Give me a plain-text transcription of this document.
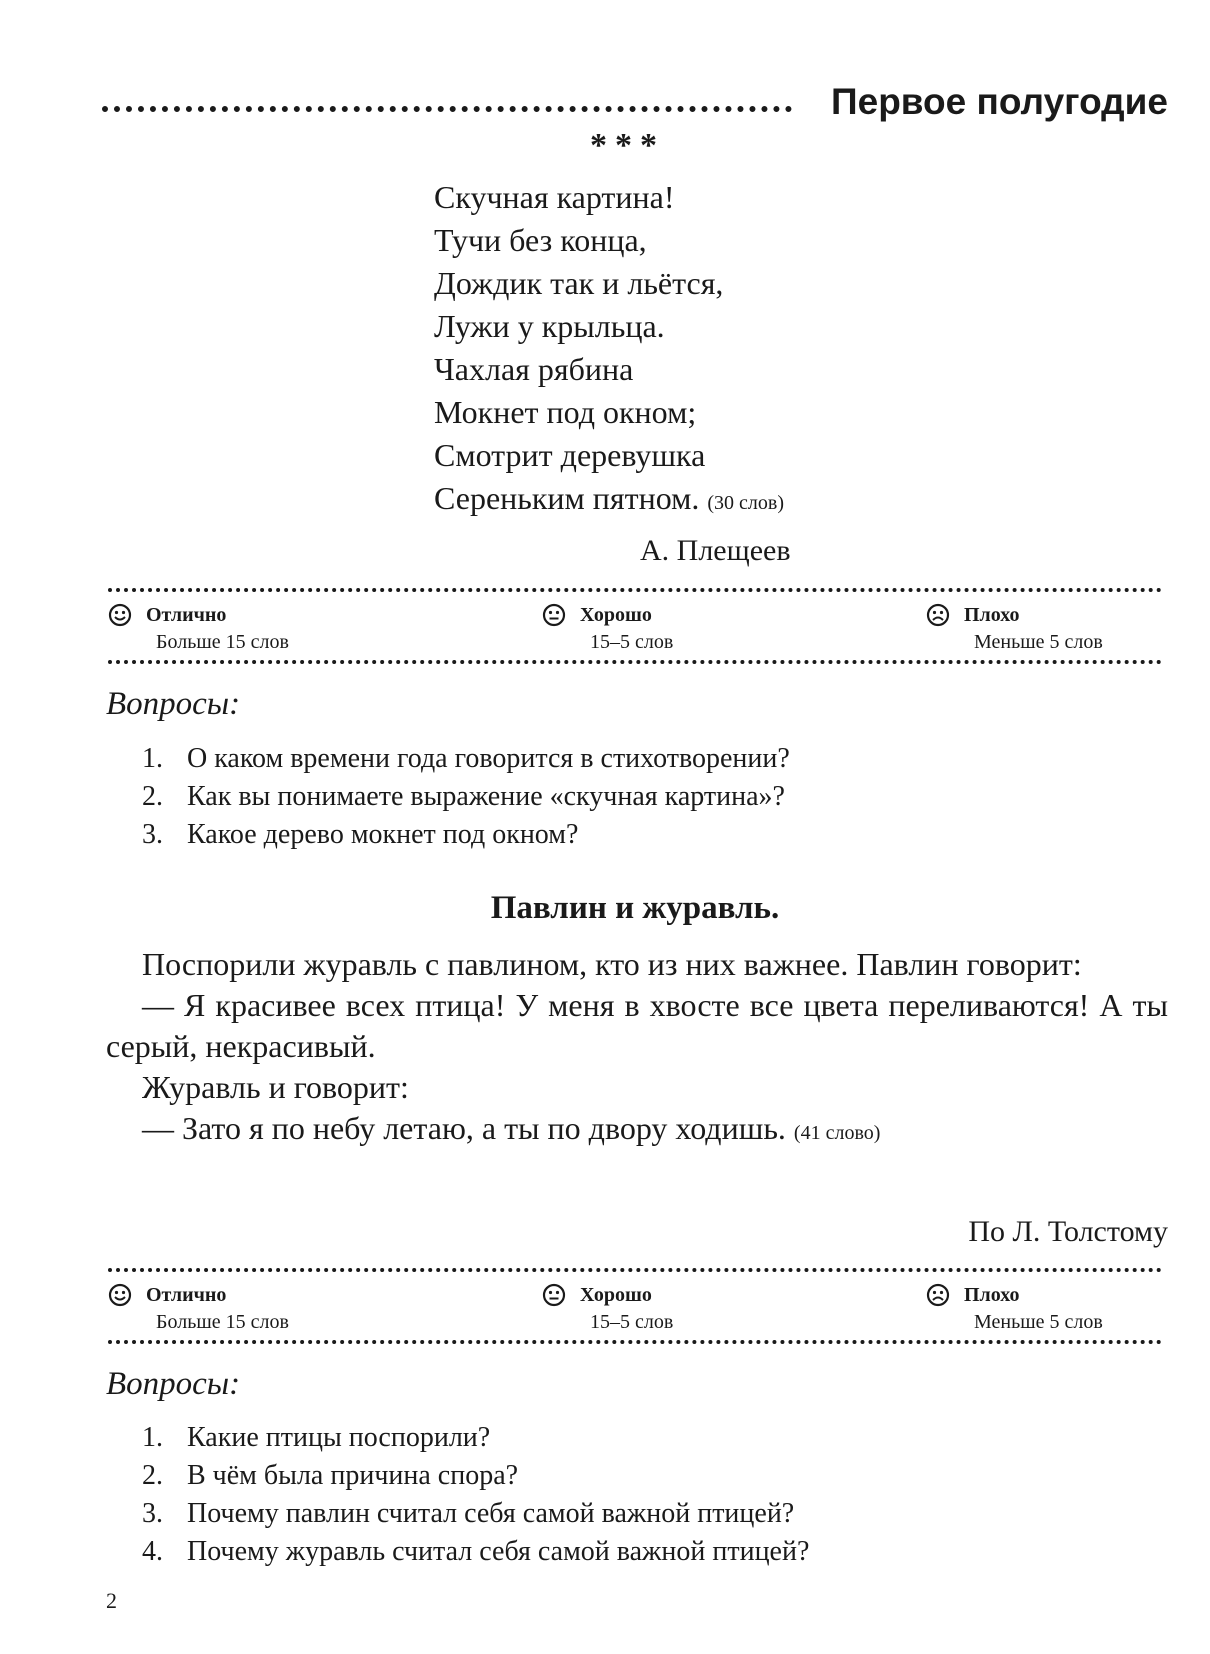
Первое полугодие
***
Скучная картина!
Тучи без конца,
Дождик так и льётся,
Лужи у крыльца.
Чахлая рябина
Мокнет под окном;
Смотрит деревушка
Сереньким пятном. (30 слов)
А. Плещеев
Отлично
Больше 15 слов
Хорошо
15–5 слов
Плохо
Меньше 5 слов
Вопросы:
1. О каком времени года говорится в стихотворении?
2. Как вы понимаете выражение «скучная картина»?
3. Какое дерево мокнет под окном?
Павлин и журавль.

Поспорили журавль с павлином, кто из них важнее. Павлин говорит:

— Я красивее всех птица! У меня в хвосте все цвета переливаются! А ты серый, некрасивый.

Журавль и говорит:

— Зато я по небу летаю, а ты по двору ходишь. (41 слово)

По Л. Толстому
Отлично
Больше 15 слов
Хорошо
15–5 слов
Плохо
Меньше 5 слов
Вопросы:
1. Какие птицы поспорили?
2. В чём была причина спора?
3. Почему павлин считал себя самой важной птицей?
4. Почему журавль считал себя самой важной птицей?
2
